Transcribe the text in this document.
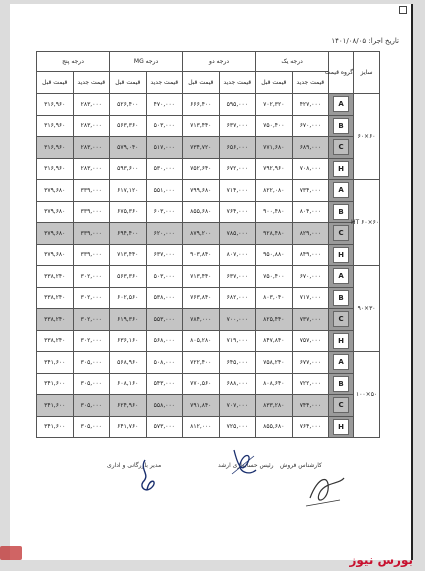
تاریخ اجرا: ۱۴۰۱/۰۸/۰۵
سایز	گروه قیمت	درجه یک		درجه دو		درجه MG		درجه پنج	
		قیمت جدید	قیمت قبل	قیمت جدید	قیمت قبل	قیمت جدید	قیمت قبل	قیمت جدید	قیمت قبل
۶۰×۶۰	A	۴۲۷,۰۰۰	۷۰۲,۳۲۰	۵۹۵,۰۰۰	۶۶۶,۴۰۰	۴۷۰,۰۰۰	۵۲۶,۴۰۰	۲۸۳,۰۰۰	۳۱۶,۹۶۰
	B	۶۷۰,۰۰۰	۷۵۰,۴۰۰	۶۳۷,۰۰۰	۷۱۳,۴۴۰	۵۰۳,۰۰۰	۵۶۳,۳۶۰	۲۸۳,۰۰۰	۳۱۶,۹۶۰
	C	۶۸۹,۰۰۰	۷۷۱,۶۸۰	۶۵۶,۰۰۰	۷۳۴,۷۲۰	۵۱۷,۰۰۰	۵۷۹,۰۴۰	۲۸۳,۰۰۰	۳۱۶,۹۶۰
	H	۷۰۸,۰۰۰	۷۹۲,۹۶۰	۶۷۲,۰۰۰	۷۵۲,۶۴۰	۵۳۰,۰۰۰	۵۹۳,۶۰۰	۲۸۳,۰۰۰	۳۱۶,۹۶۰
۶۰×۶۰ HT	A	۷۳۴,۰۰۰	۸۲۲,۰۸۰	۷۱۴,۰۰۰	۷۹۹,۶۸۰	۵۵۱,۰۰۰	۶۱۷,۱۲۰	۳۳۹,۰۰۰	۳۷۹,۶۸۰
	B	۸۰۴,۰۰۰	۹۰۰,۴۸۰	۷۶۴,۰۰۰	۸۵۵,۶۸۰	۶۰۳,۰۰۰	۶۷۵,۳۶۰	۳۳۹,۰۰۰	۳۷۹,۶۸۰
	C	۸۲۹,۰۰۰	۹۲۸,۴۸۰	۷۸۵,۰۰۰	۸۷۹,۲۰۰	۶۲۰,۰۰۰	۶۹۴,۴۰۰	۳۳۹,۰۰۰	۳۷۹,۶۸۰
	H	۸۴۹,۰۰۰	۹۵۰,۸۸۰	۸۰۷,۰۰۰	۹۰۳,۸۴۰	۶۳۷,۰۰۰	۷۱۳,۴۴۰	۳۳۹,۰۰۰	۳۷۹,۶۸۰
۳۰×۹۰	A	۶۷۰,۰۰۰	۷۵۰,۴۰۰	۶۳۷,۰۰۰	۷۱۳,۴۴۰	۵۰۳,۰۰۰	۵۶۳,۳۶۰	۳۰۲,۰۰۰	۳۳۸,۲۴۰
	B	۷۱۷,۰۰۰	۸۰۳,۰۴۰	۶۸۲,۰۰۰	۷۶۳,۸۴۰	۵۳۸,۰۰۰	۶۰۲,۵۶۰	۳۰۲,۰۰۰	۳۳۸,۲۴۰
	C	۷۳۷,۰۰۰	۸۲۵,۴۴۰	۷۰۰,۰۰۰	۷۸۴,۰۰۰	۵۵۳,۰۰۰	۶۱۹,۳۶۰	۳۰۲,۰۰۰	۳۳۸,۲۴۰
	H	۷۵۷,۰۰۰	۸۴۷,۸۴۰	۷۱۹,۰۰۰	۸۰۵,۲۸۰	۵۶۸,۰۰۰	۶۳۶,۱۶۰	۳۰۲,۰۰۰	۳۳۸,۲۴۰
۵۰×۱۰۰	A	۶۷۷,۰۰۰	۷۵۸,۲۴۰	۶۴۵,۰۰۰	۷۲۲,۴۰۰	۵۰۸,۰۰۰	۵۶۸,۹۶۰	۳۰۵,۰۰۰	۳۴۱,۶۰۰
	B	۷۲۲,۰۰۰	۸۰۸,۶۴۰	۶۸۸,۰۰۰	۷۷۰,۵۶۰	۵۴۳,۰۰۰	۶۰۸,۱۶۰	۳۰۵,۰۰۰	۳۴۱,۶۰۰
	C	۷۴۴,۰۰۰	۸۳۳,۲۸۰	۷۰۷,۰۰۰	۷۹۱,۸۴۰	۵۵۸,۰۰۰	۶۲۴,۹۶۰	۳۰۵,۰۰۰	۳۴۱,۶۰۰
	H	۷۶۴,۰۰۰	۸۵۵,۶۸۰	۷۲۵,۰۰۰	۸۱۲,۰۰۰	۵۷۳,۰۰۰	۶۴۱,۷۶۰	۳۰۵,۰۰۰	۳۴۱,۶۰۰
کارشناس فروش
رئیس حسابداری ارشد
مدیر بازرگانی و اداری
بورس نیوز
